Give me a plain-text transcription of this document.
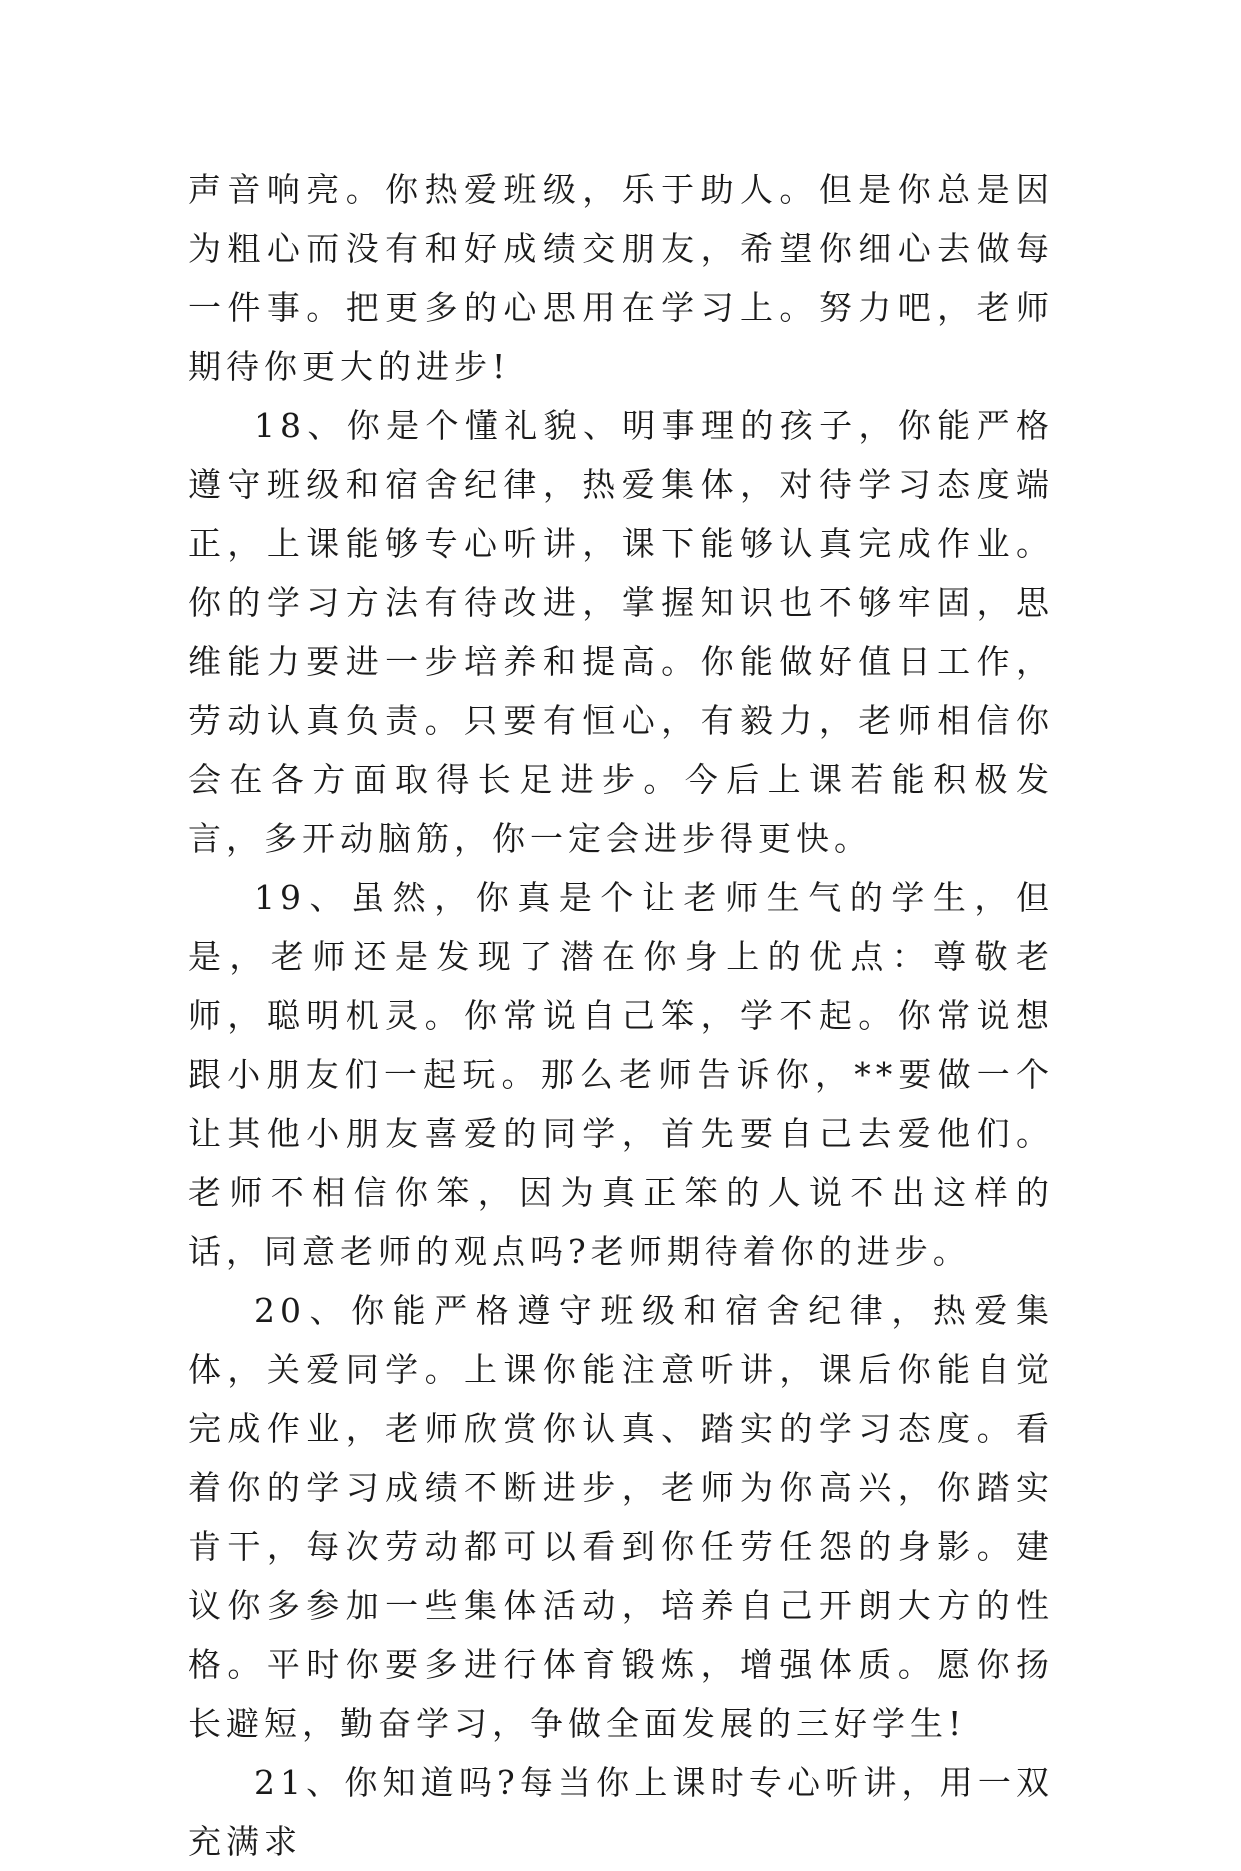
声音响亮。你热爱班级，乐于助人。但是你总是因为粗心而没有和好成绩交朋友，希望你细心去做每一件事。把更多的心思用在学习上。努力吧，老师期待你更大的进步!

18、你是个懂礼貌、明事理的孩子，你能严格遵守班级和宿舍纪律，热爱集体，对待学习态度端正，上课能够专心听讲，课下能够认真完成作业。你的学习方法有待改进，掌握知识也不够牢固，思维能力要进一步培养和提高。你能做好值日工作，劳动认真负责。只要有恒心，有毅力，老师相信你会在各方面取得长足进步。今后上课若能积极发言，多开动脑筋，你一定会进步得更快。

19、虽然，你真是个让老师生气的学生，但是，老师还是发现了潜在你身上的优点：尊敬老师，聪明机灵。你常说自己笨，学不起。你常说想跟小朋友们一起玩。那么老师告诉你，**要做一个让其他小朋友喜爱的同学，首先要自己去爱他们。老师不相信你笨，因为真正笨的人说不出这样的话，同意老师的观点吗?老师期待着你的进步。

20、你能严格遵守班级和宿舍纪律，热爱集体，关爱同学。上课你能注意听讲，课后你能自觉完成作业，老师欣赏你认真、踏实的学习态度。看着你的学习成绩不断进步，老师为你高兴，你踏实肯干，每次劳动都可以看到你任劳任怨的身影。建议你多参加一些集体活动，培养自己开朗大方的性格。平时你要多进行体育锻炼，增强体质。愿你扬长避短，勤奋学习，争做全面发展的三好学生!

21、你知道吗?每当你上课时专心听讲，用一双充满求
